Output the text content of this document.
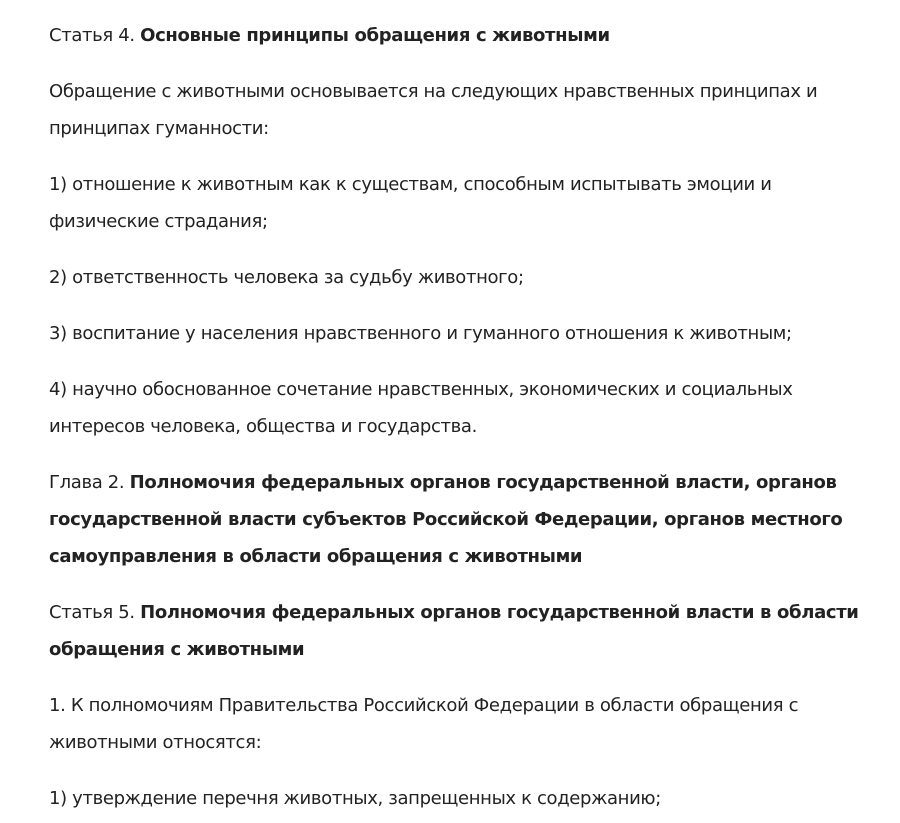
Статья 4. Основные принципы обращения с животными

Обращение с животными основывается на следующих нравственных принципах и принципах гуманности:

1) отношение к животным как к существам, способным испытывать эмоции и физические страдания;

2) ответственность человека за судьбу животного;

3) воспитание у населения нравственного и гуманного отношения к животным;

4) научно обоснованное сочетание нравственных, экономических и социальных интересов человека, общества и государства.

Глава 2. Полномочия федеральных органов государственной власти, органов государственной власти субъектов Российской Федерации, органов местного самоуправления в области обращения с животными

Статья 5. Полномочия федеральных органов государственной власти в области обращения с животными

1. К полномочиям Правительства Российской Федерации в области обращения с животными относятся:

1) утверждение перечня животных, запрещенных к содержанию;
